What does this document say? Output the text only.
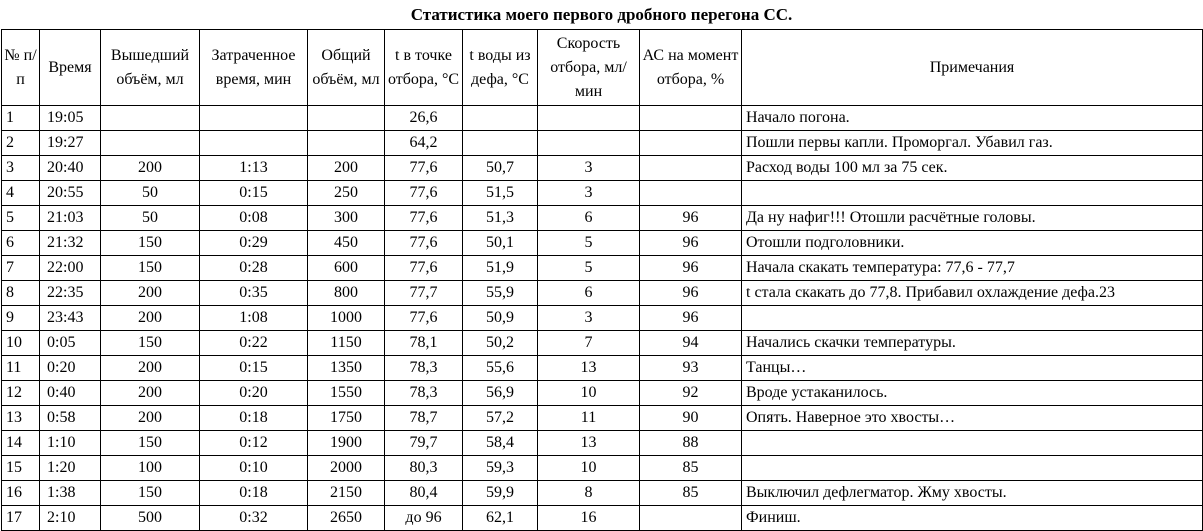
Статистика моего первого дробного перегона СС.
№ п/п	Время	Вышедший объём, мл	Затраченное время, мин	Общий объём, мл	t в точке отбора, °С	t воды из дефа, °С	Скорость отбора, мл/мин	АС на момент отбора, %	Примечания
1	19:05				26,6				Начало погона.
2	19:27				64,2				Пошли первы капли. Проморгал. Убавил газ.
3	20:40	200	1:13	200	77,6	50,7	3		Расход воды 100 мл за 75 сек.
4	20:55	50	0:15	250	77,6	51,5	3		
5	21:03	50	0:08	300	77,6	51,3	6	96	Да ну нафиг!!! Отошли расчётные головы.
6	21:32	150	0:29	450	77,6	50,1	5	96	Отошли подголовники.
7	22:00	150	0:28	600	77,6	51,9	5	96	Начала скакать температура: 77,6 - 77,7
8	22:35	200	0:35	800	77,7	55,9	6	96	t стала скакать до 77,8. Прибавил охлаждение дефа.23
9	23:43	200	1:08	1000	77,6	50,9	3	96	
10	0:05	150	0:22	1150	78,1	50,2	7	94	Начались скачки температуры.
11	0:20	200	0:15	1350	78,3	55,6	13	93	Танцы…
12	0:40	200	0:20	1550	78,3	56,9	10	92	Вроде устаканилось.
13	0:58	200	0:18	1750	78,7	57,2	11	90	Опять. Наверное это хвосты…
14	1:10	150	0:12	1900	79,7	58,4	13	88	
15	1:20	100	0:10	2000	80,3	59,3	10	85	
16	1:38	150	0:18	2150	80,4	59,9	8	85	Выключил дефлегматор. Жму хвосты.
17	2:10	500	0:32	2650	до 96	62,1	16		Финиш.
